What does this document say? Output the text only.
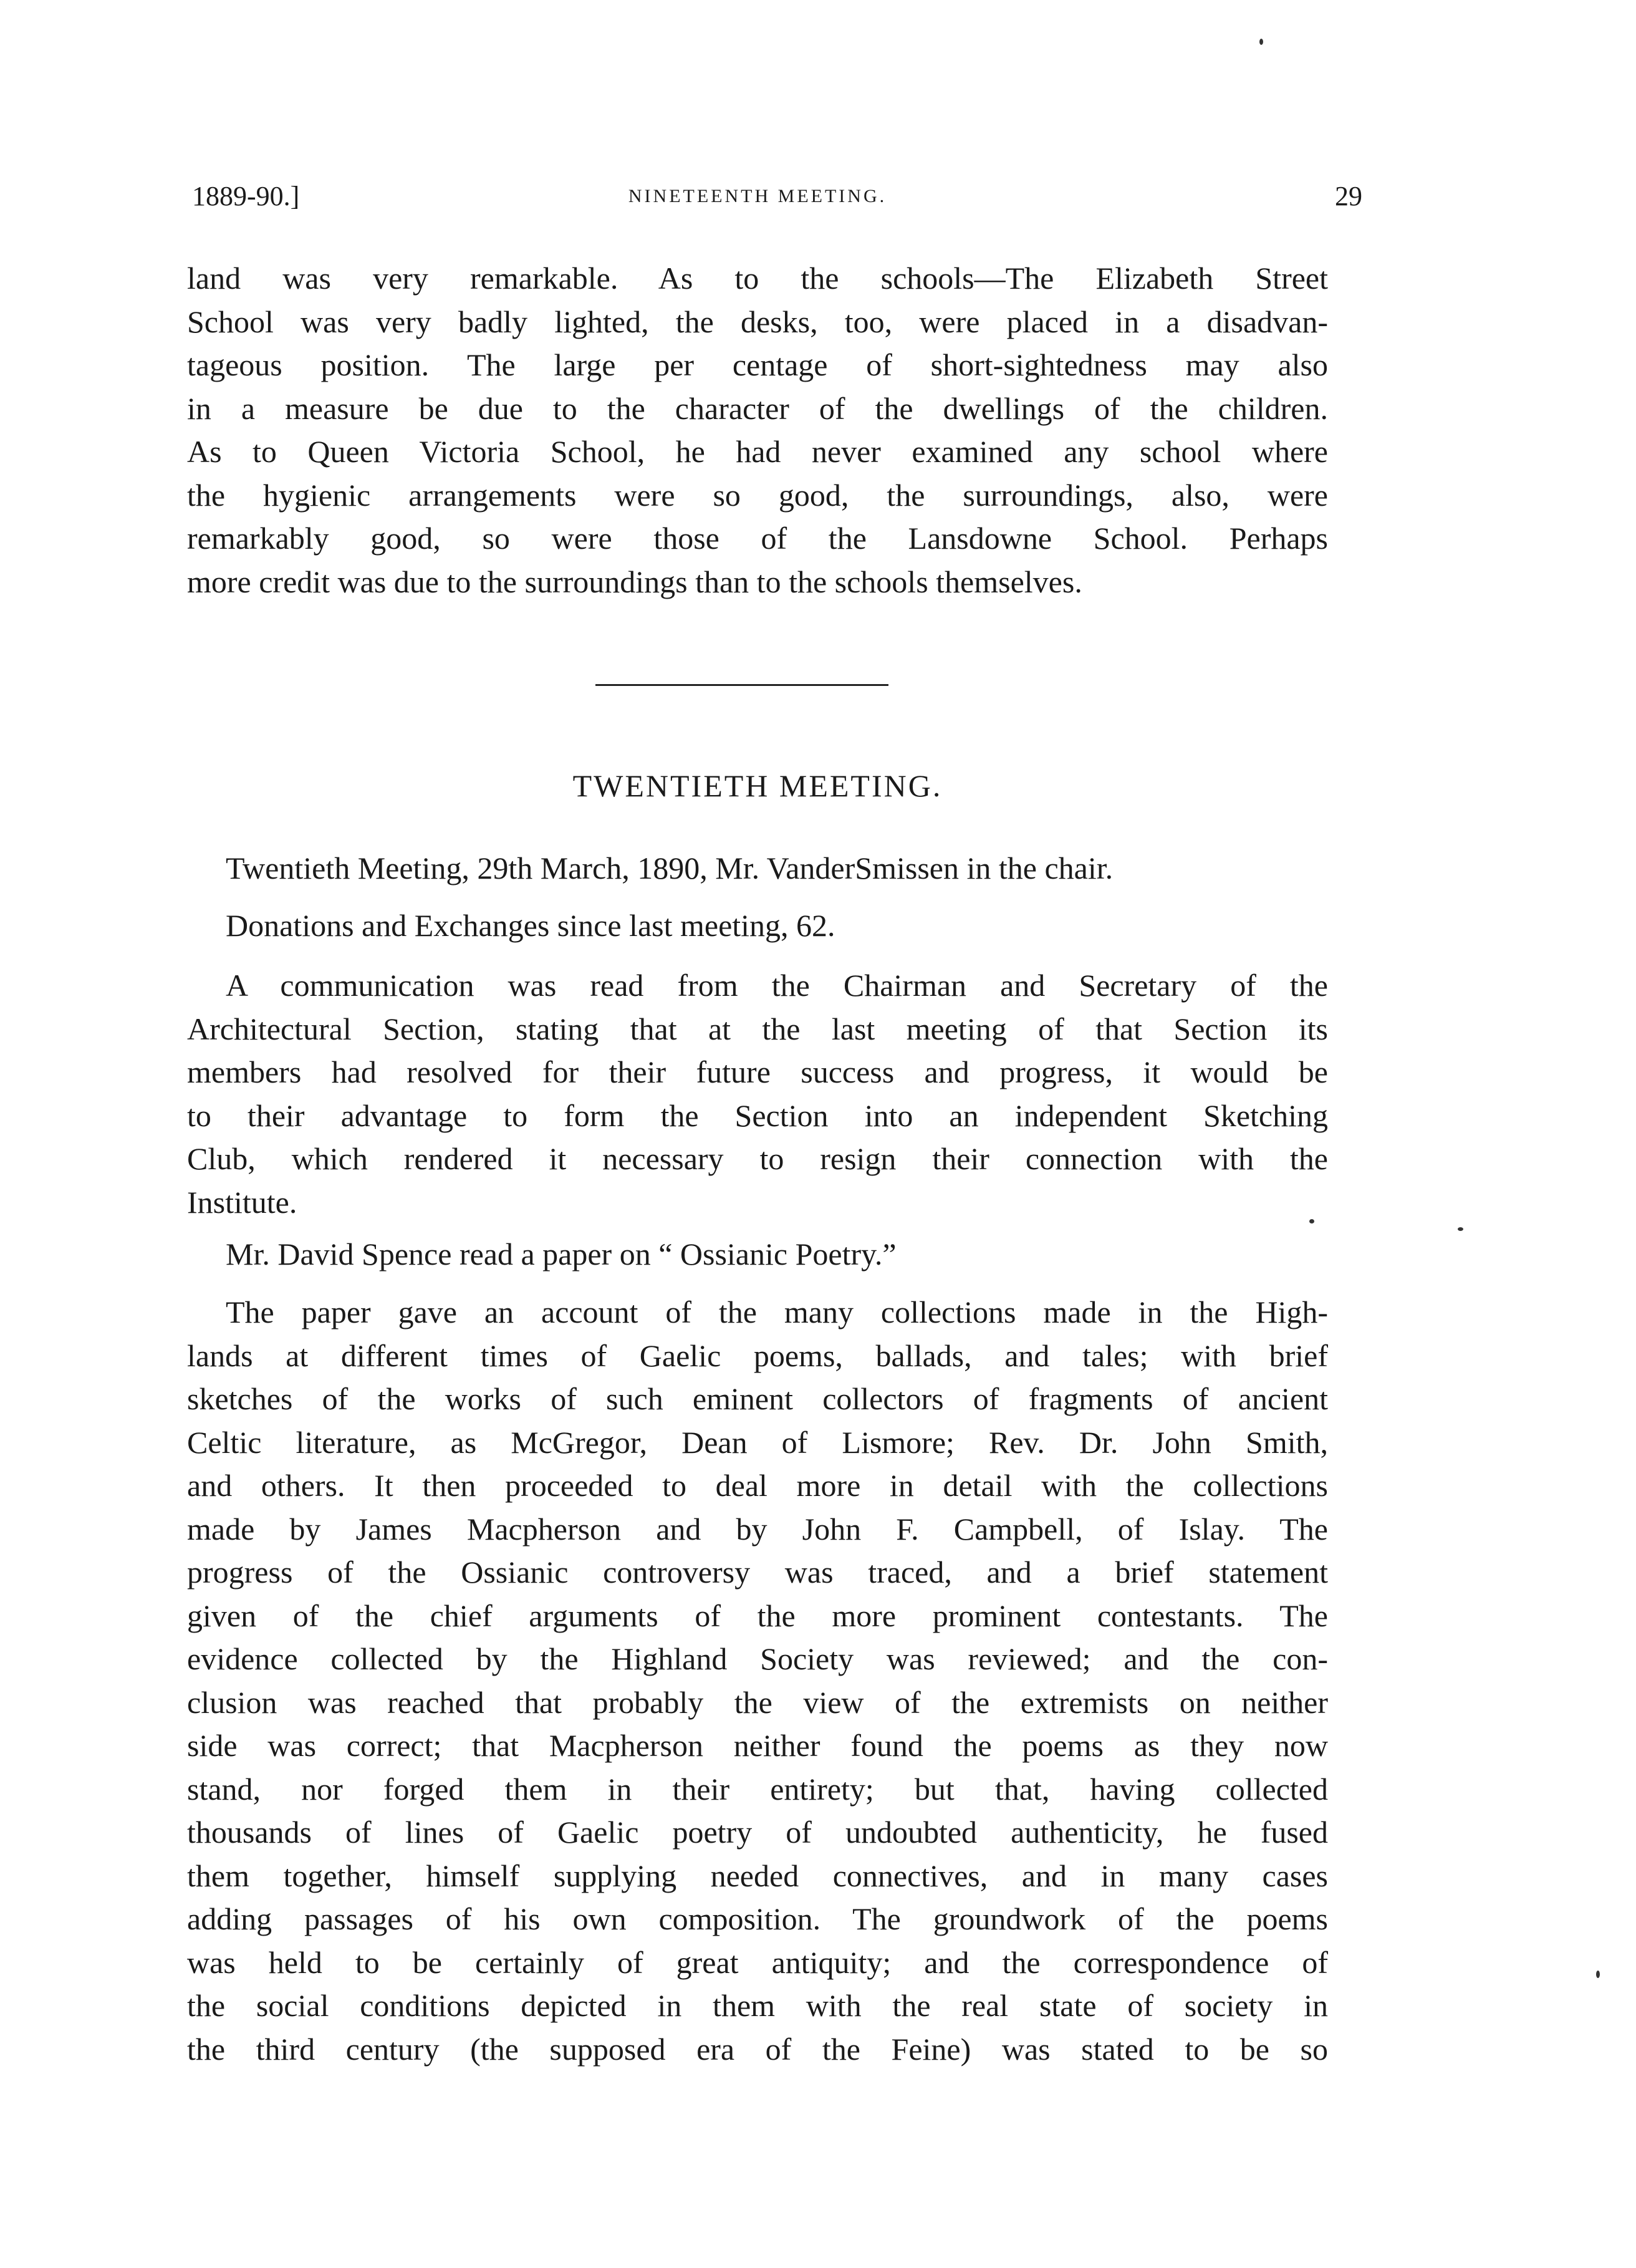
1889-90.]	NINETEENTH MEETING.	29
land was very remarkable. As to the schools—The Elizabeth Street
School was very badly lighted, the desks, too, were placed in a disadvan-
tageous position. The large per centage of short-sightedness may also
in a measure be due to the character of the dwellings of the children.
As to Queen Victoria School, he had never examined any school where
the hygienic arrangements were so good, the surroundings, also, were
remarkably good, so were those of the Lansdowne School. Perhaps
more credit was due to the surroundings than to the schools themselves.
TWENTIETH MEETING.
Twentieth Meeting, 29th March, 1890, Mr. VanderSmissen in the chair.
Donations and Exchanges since last meeting, 62.
A communication was read from the Chairman and Secretary of the
Architectural Section, stating that at the last meeting of that Section its
members had resolved for their future success and progress, it would be
to their advantage to form the Section into an independent Sketching
Club, which rendered it necessary to resign their connection with the
Institute.
Mr. David Spence read a paper on “ Ossianic Poetry.”
The paper gave an account of the many collections made in the High-
lands at different times of Gaelic poems, ballads, and tales; with brief
sketches of the works of such eminent collectors of fragments of ancient
Celtic literature, as McGregor, Dean of Lismore; Rev. Dr. John Smith,
and others. It then proceeded to deal more in detail with the collections
made by James Macpherson and by John F. Campbell, of Islay. The
progress of the Ossianic controversy was traced, and a brief statement
given of the chief arguments of the more prominent contestants. The
evidence collected by the Highland Society was reviewed; and the con-
clusion was reached that probably the view of the extremists on neither
side was correct; that Macpherson neither found the poems as they now
stand, nor forged them in their entirety; but that, having collected
thousands of lines of Gaelic poetry of undoubted authenticity, he fused
them together, himself supplying needed connectives, and in many cases
adding passages of his own composition. The groundwork of the poems
was held to be certainly of great antiquity; and the correspondence of
the social conditions depicted in them with the real state of society in
the third century (the supposed era of the Feine) was stated to be so
